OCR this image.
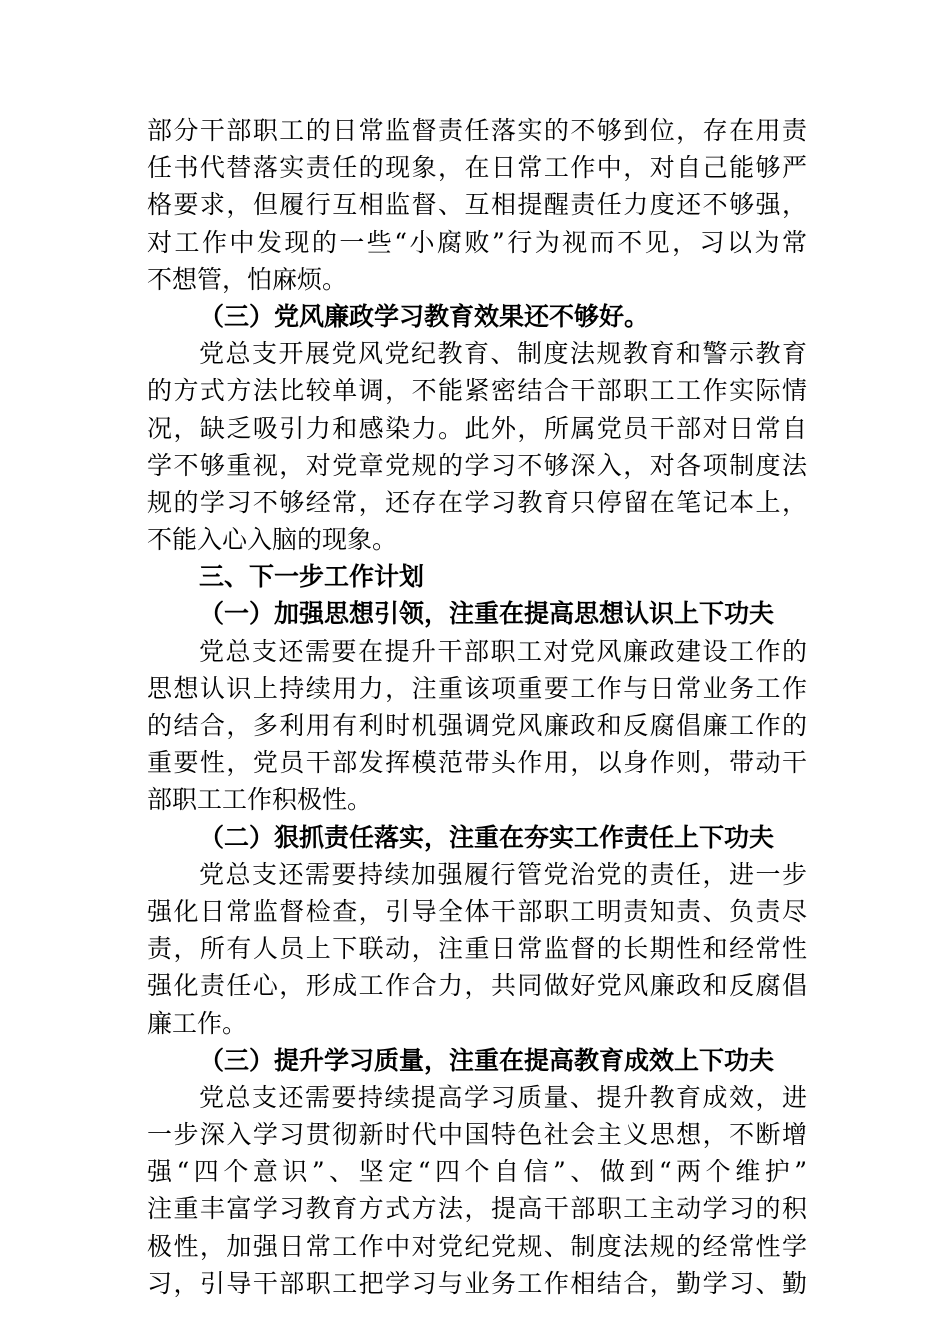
部分干部职工的日常监督责任落实的不够到位，存在用责
任书代替落实责任的现象，在日常工作中，对自己能够严
格要求，但履行互相监督、互相提醒责任力度还不够强，
对工作中发现的一些“小腐败”行为视而不见，习以为常
不想管，怕麻烦。
（三）党风廉政学习教育效果还不够好。
党总支开展党风党纪教育、制度法规教育和警示教育
的方式方法比较单调，不能紧密结合干部职工工作实际情
况，缺乏吸引力和感染力。此外，所属党员干部对日常自
学不够重视，对党章党规的学习不够深入，对各项制度法
规的学习不够经常，还存在学习教育只停留在笔记本上，
不能入心入脑的现象。
三、下一步工作计划
（一）加强思想引领，注重在提高思想认识上下功夫
党总支还需要在提升干部职工对党风廉政建设工作的
思想认识上持续用力，注重该项重要工作与日常业务工作
的结合，多利用有利时机强调党风廉政和反腐倡廉工作的
重要性，党员干部发挥模范带头作用，以身作则，带动干
部职工工作积极性。
（二）狠抓责任落实，注重在夯实工作责任上下功夫
党总支还需要持续加强履行管党治党的责任，进一步
强化日常监督检查，引导全体干部职工明责知责、负责尽
责，所有人员上下联动，注重日常监督的长期性和经常性
强化责任心，形成工作合力，共同做好党风廉政和反腐倡
廉工作。
（三）提升学习质量，注重在提高教育成效上下功夫
党总支还需要持续提高学习质量、提升教育成效，进
一步深入学习贯彻新时代中国特色社会主义思想，不断增
强“四个意识”、坚定“四个自信”、做到“两个维护”
注重丰富学习教育方式方法，提高干部职工主动学习的积
极性，加强日常工作中对党纪党规、制度法规的经常性学
习，引导干部职工把学习与业务工作相结合，勤学习、勤
